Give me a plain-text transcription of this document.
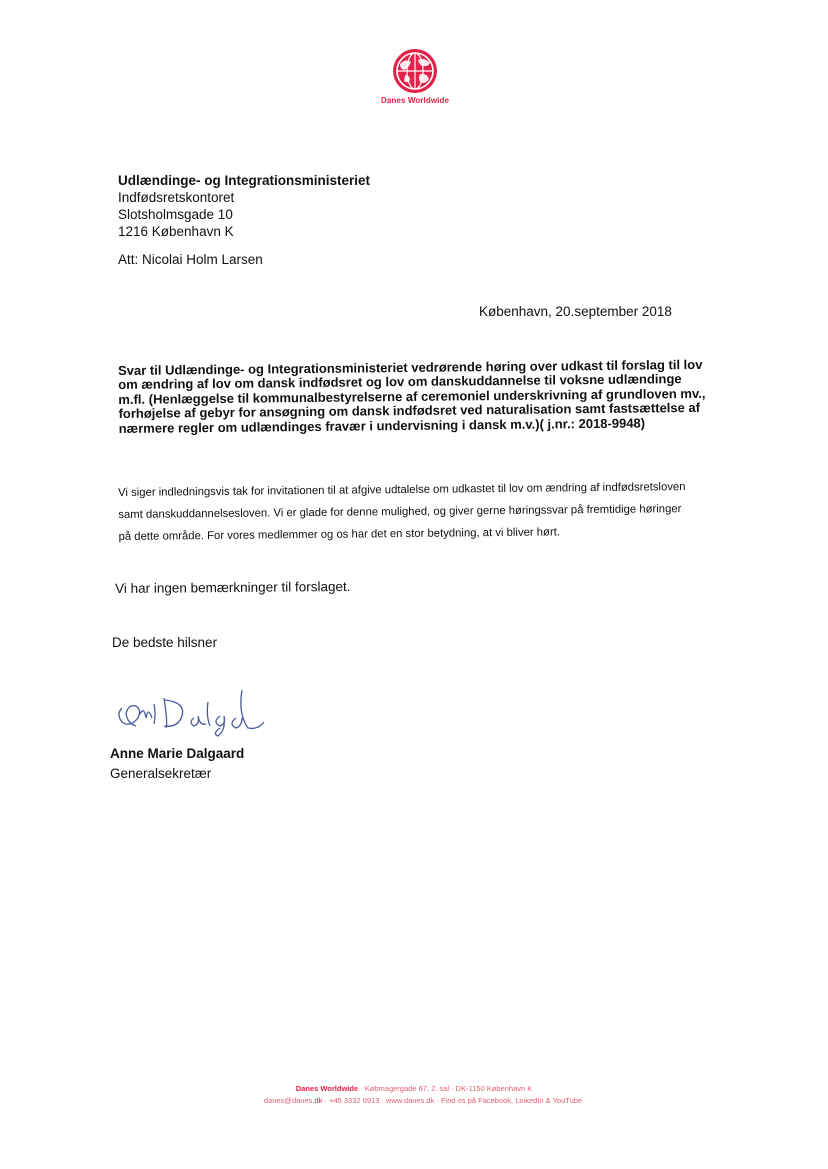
Danes Worldwide
Udlændinge- og Integrationsministeriet
Indfødsretskontoret
Slotsholmsgade 10
1216 København K
Att: Nicolai Holm Larsen
København, 20.september 2018
Svar til Udlændinge- og Integrationsministeriet vedrørende høring over udkast til forslag til lov om ændring af lov om dansk indfødsret og lov om danskuddannelse til voksne udlændinge m.fl. (Henlæggelse til kommunalbestyrelserne af ceremoniel underskrivning af grundloven mv., forhøjelse af gebyr for ansøgning om dansk indfødsret ved naturalisation samt fastsættelse af nærmere regler om udlændinges fravær i undervisning i dansk m.v.)( j.nr.: 2018-9948)
Vi siger indledningsvis tak for invitationen til at afgive udtalelse om udkastet til lov om ændring af indfødsretsloven samt danskuddannelsesloven. Vi er glade for denne mulighed, og giver gerne høringssvar på fremtidige høringer på dette område. For vores medlemmer og os har det en stor betydning, at vi bliver hørt.
Vi har ingen bemærkninger til forslaget.
De bedste hilsner
Anne Marie Dalgaard
Generalsekretær
Danes Worldwide · Købmagergade 67, 2. sal · DK-1150 København K
danes@danes.dk · +45 3332 0913 · www.danes.dk · Find os på Facebook, LinkedIn & YouTube
